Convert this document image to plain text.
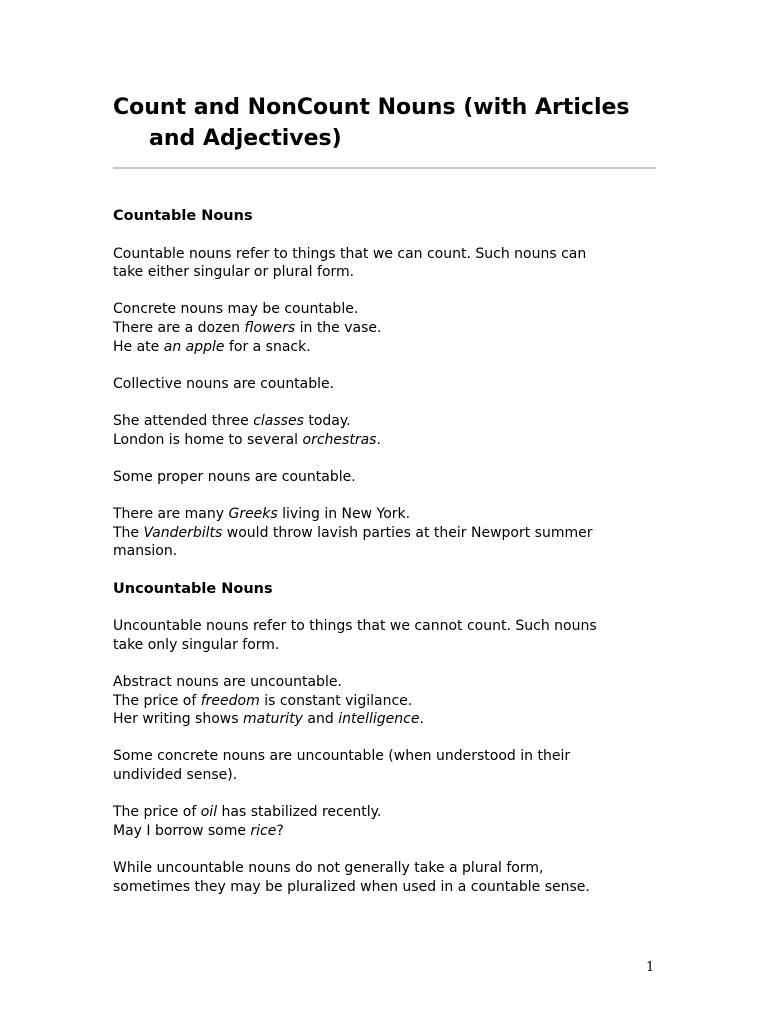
Count and NonCount Nouns (with Articles
and Adjectives)
Countable Nouns

Countable nouns refer to things that we can count. Such nouns can
take either singular or plural form.

Concrete nouns may be countable.
There are a dozen flowers in the vase.
He ate an apple for a snack.

Collective nouns are countable.

She attended three classes today.
London is home to several orchestras.

Some proper nouns are countable.

There are many Greeks living in New York.
The Vanderbilts would throw lavish parties at their Newport summer
mansion.

Uncountable Nouns

Uncountable nouns refer to things that we cannot count. Such nouns
take only singular form.

Abstract nouns are uncountable.
The price of freedom is constant vigilance.
Her writing shows maturity and intelligence.

Some concrete nouns are uncountable (when understood in their
undivided sense).

The price of oil has stabilized recently.
May I borrow some rice?

While uncountable nouns do not generally take a plural form,
sometimes they may be pluralized when used in a countable sense.

1
